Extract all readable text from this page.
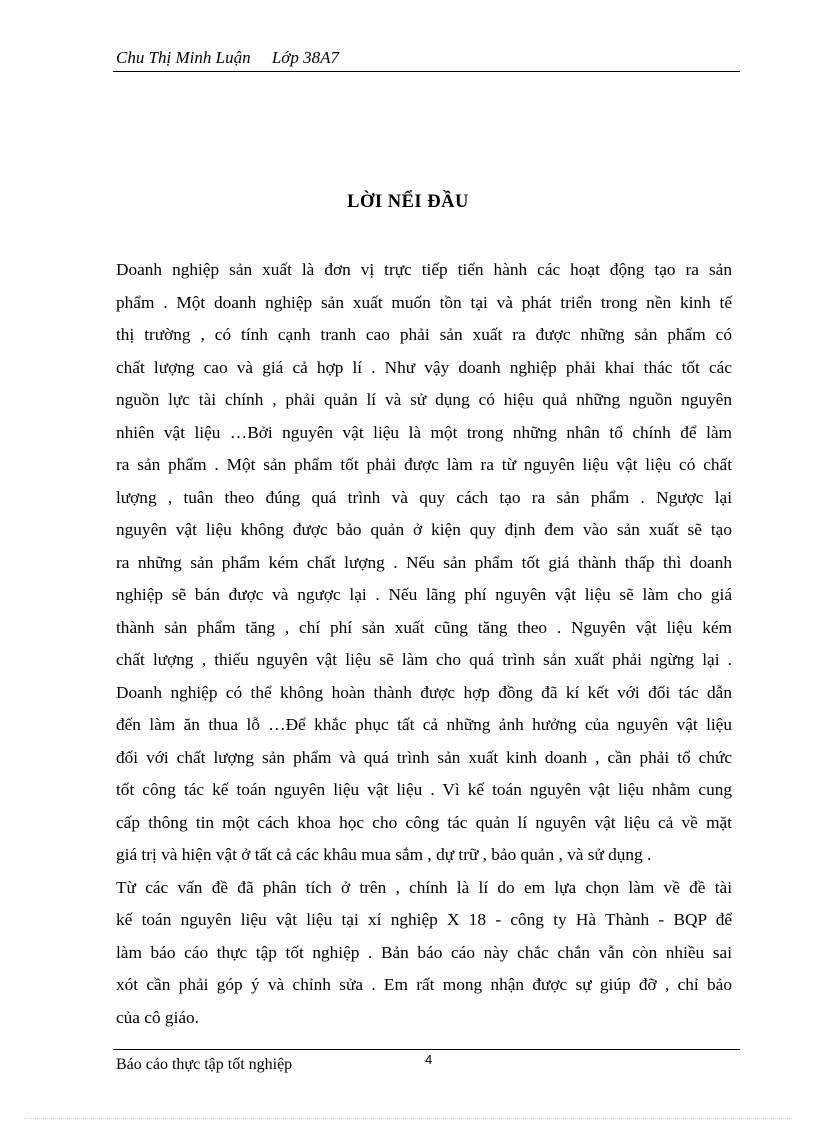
Chu Thị Minh Luận     Lớp 38A7
LỜI NỂI ĐẦU

Doanh nghiệp sản xuất là đơn vị trực tiếp tiến hành các hoạt động tạo ra sản
phẩm . Một doanh nghiệp sản xuất muốn tồn tại và phát triển trong nền kinh tế
thị trường , có tính cạnh tranh cao phải sản xuất ra được những sản phẩm có
chất lượng cao và giá cả hợp lí . Như vậy doanh nghiệp phải khai thác tốt các
nguồn lực tài chính , phải quản lí và sử dụng có hiệu quả những nguồn nguyên
nhiên vật liệu …Bởi nguyên vật liệu là một trong những nhân tố chính để làm
ra sản phẩm . Một sản phẩm tốt phải được làm ra từ nguyên liệu vật liệu có chất
lượng , tuân theo đúng quá trình và quy cách tạo ra sản phẩm . Ngược lại
nguyên vật liệu không được bảo quản ở kiện quy định đem vào sản xuất sẽ tạo
ra những sản phẩm kém chất lượng . Nếu sản phẩm tốt giá thành thấp thì doanh
nghiệp sẽ bán được và ngược lại . Nếu lãng phí nguyên vật liệu sẽ làm cho giá
thành sản phẩm tăng , chí phí sản xuất cũng tăng theo . Nguyên vật liệu kém
chất lượng , thiếu nguyên vật liệu sẽ làm cho quá trình sản xuất phải ngừng lại .
Doanh nghiệp có thể không hoàn thành được hợp đồng đã kí kết với đối tác dẫn
đến làm ăn thua lỗ …Để khắc phục tất cả những ảnh hưởng của nguyên vật liệu
đối với chất lượng sản phẩm và quá trình sản xuất kinh doanh , cần phải tổ chức
tốt công tác kế toán nguyên liệu vật liệu . Vì kế toán nguyên vật liệu nhằm cung
cấp thông tin một cách khoa học cho công tác quản lí nguyên vật liệu cả về mặt
giá trị và hiện vật ở tất cả các khâu mua sắm , dự trữ , bảo quản , và sử dụng .

Từ các vấn đề đã phân tích ở trên , chính là lí do em lựa chọn làm về đề tài
kế toán nguyên liệu vật liệu tại xí nghiệp X 18 - công ty Hà Thành - BQP để
làm báo cáo thực tập tốt nghiệp . Bản báo cáo này chắc chắn vẫn còn nhiều sai
xót cần phải góp ý và chỉnh sửa . Em rất mong nhận được sự giúp đỡ , chỉ bảo
của cô giáo.

4
Báo cáo thực tập tốt nghiệp
